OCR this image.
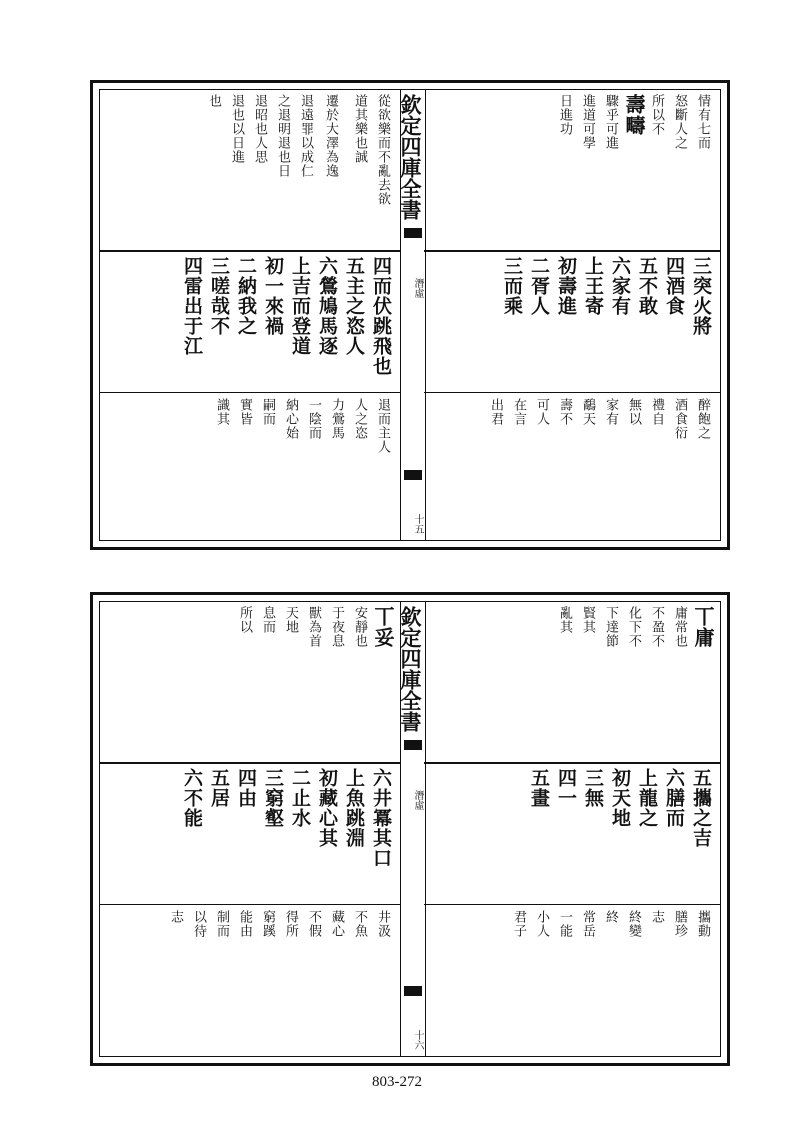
從欲樂而不亂去欲
道其樂也誠
遷於大澤為逸
退遠罪以成仁
之退明退也日
退昭也人思
退也以日進
也
四而伏跳飛也
五主之恣人
六鶯鳩馬逐
上吉而登道
初一來禍
二納我之
三嗟哉不
四雷出于江
退而主人
人之恣
力鶯馬
一陰而
納心始
嗣而
實皆
識其
欽定四庫全書
潛虛
十五
情有七而
怒斷人之
所以不
壽疇
驟乎可進
進道可學
日進功
三突火將
四酒食
五不敢
六家有
上王寄
初壽進
二胥人
三而乘
醉飽之
酒食衍
禮自
無以
家有
鷸天
壽不
可人
在言
出君
丅妥
安靜也
于夜息
獸為首
天地
息而
所以
六井冪其口
上魚跳淵
初藏心其
二止水
三窮壑
四由
五居
六不能
井汲
不魚
藏心
不假
得所
窮蹊
能由
制而
以待
志
欽定四庫全書
潛虛
十六
丅庸
庸常也
不盈不
化下不
下達節
賢其
亂其
五攜之吉
六膳而
上龍之
初天地
三無
四一
五畫
攜動
膳珍
志
終變
終
常岳
一能
小人
君子
803-272
